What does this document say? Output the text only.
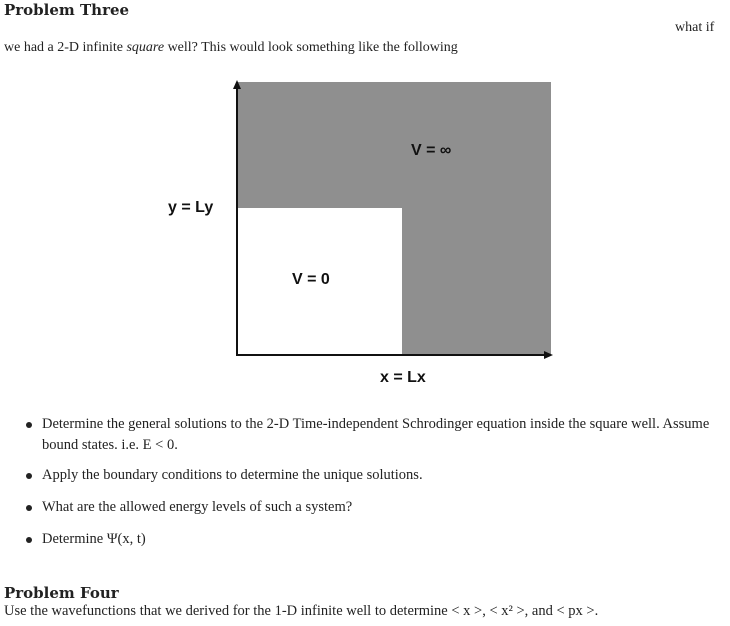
Problem Three
what if
we had a 2-D infinite square well? This would look something like the following
V = ∞
V = 0
y = Ly
x = Lx
Determine the general solutions to the 2-D Time-independent Schrodinger equation inside the square well. Assume bound states. i.e. E < 0.
Apply the boundary conditions to determine the unique solutions.
What are the allowed energy levels of such a system?
Determine Ψ(x, t)
Problem Four
Use the wavefunctions that we derived for the 1-D infinite well to determine < x >, < x² >, and < px >.
